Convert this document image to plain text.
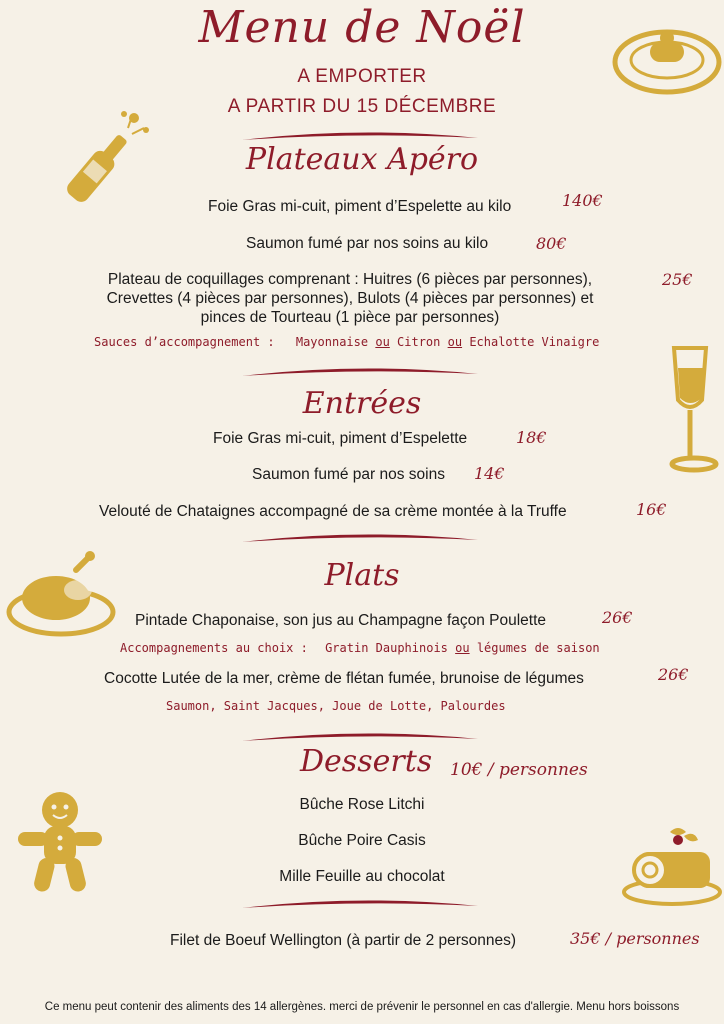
Menu de Noël
A EMPORTER
A PARTIR DU 15 DÉCEMBRE
Plateaux Apéro
Foie Gras mi-cuit, piment d’Espelette au kilo	140€
Saumon fumé par nos soins au kilo	80€
Plateau de coquillages comprenant : Huitres (6 pièces par personnes),
Crevettes (4 pièces par personnes), Bulots (4 pièces par personnes) et
pinces de Tourteau (1 pièce par personnes)
25€
Sauces d’accompagnement : Mayonnaise ou Citron ou Echalotte Vinaigre
Entrées
Foie Gras mi-cuit, piment d’Espelette	18€
Saumon fumé par nos soins 14€
Velouté de Chataignes accompagné de sa crème montée à la Truffe	16€
Plats
Pintade Chaponaise, son jus au Champagne façon Poulette	26€
Accompagnements au choix : Gratin Dauphinois ou légumes de saison
Cocotte Lutée de la mer, crème de flétan fumée, brunoise de légumes	26€
Saumon, Saint Jacques, Joue de Lotte, Palourdes
Desserts 10€ / personnes
Bûche Rose Litchi
Bûche Poire Casis
Mille Feuille au chocolat
Filet de Boeuf Wellington (à partir de 2 personnes)	35€ / personnes
Ce menu peut contenir des aliments des 14 allergènes. merci de prévenir le personnel en cas d'allergie. Menu hors boissons
